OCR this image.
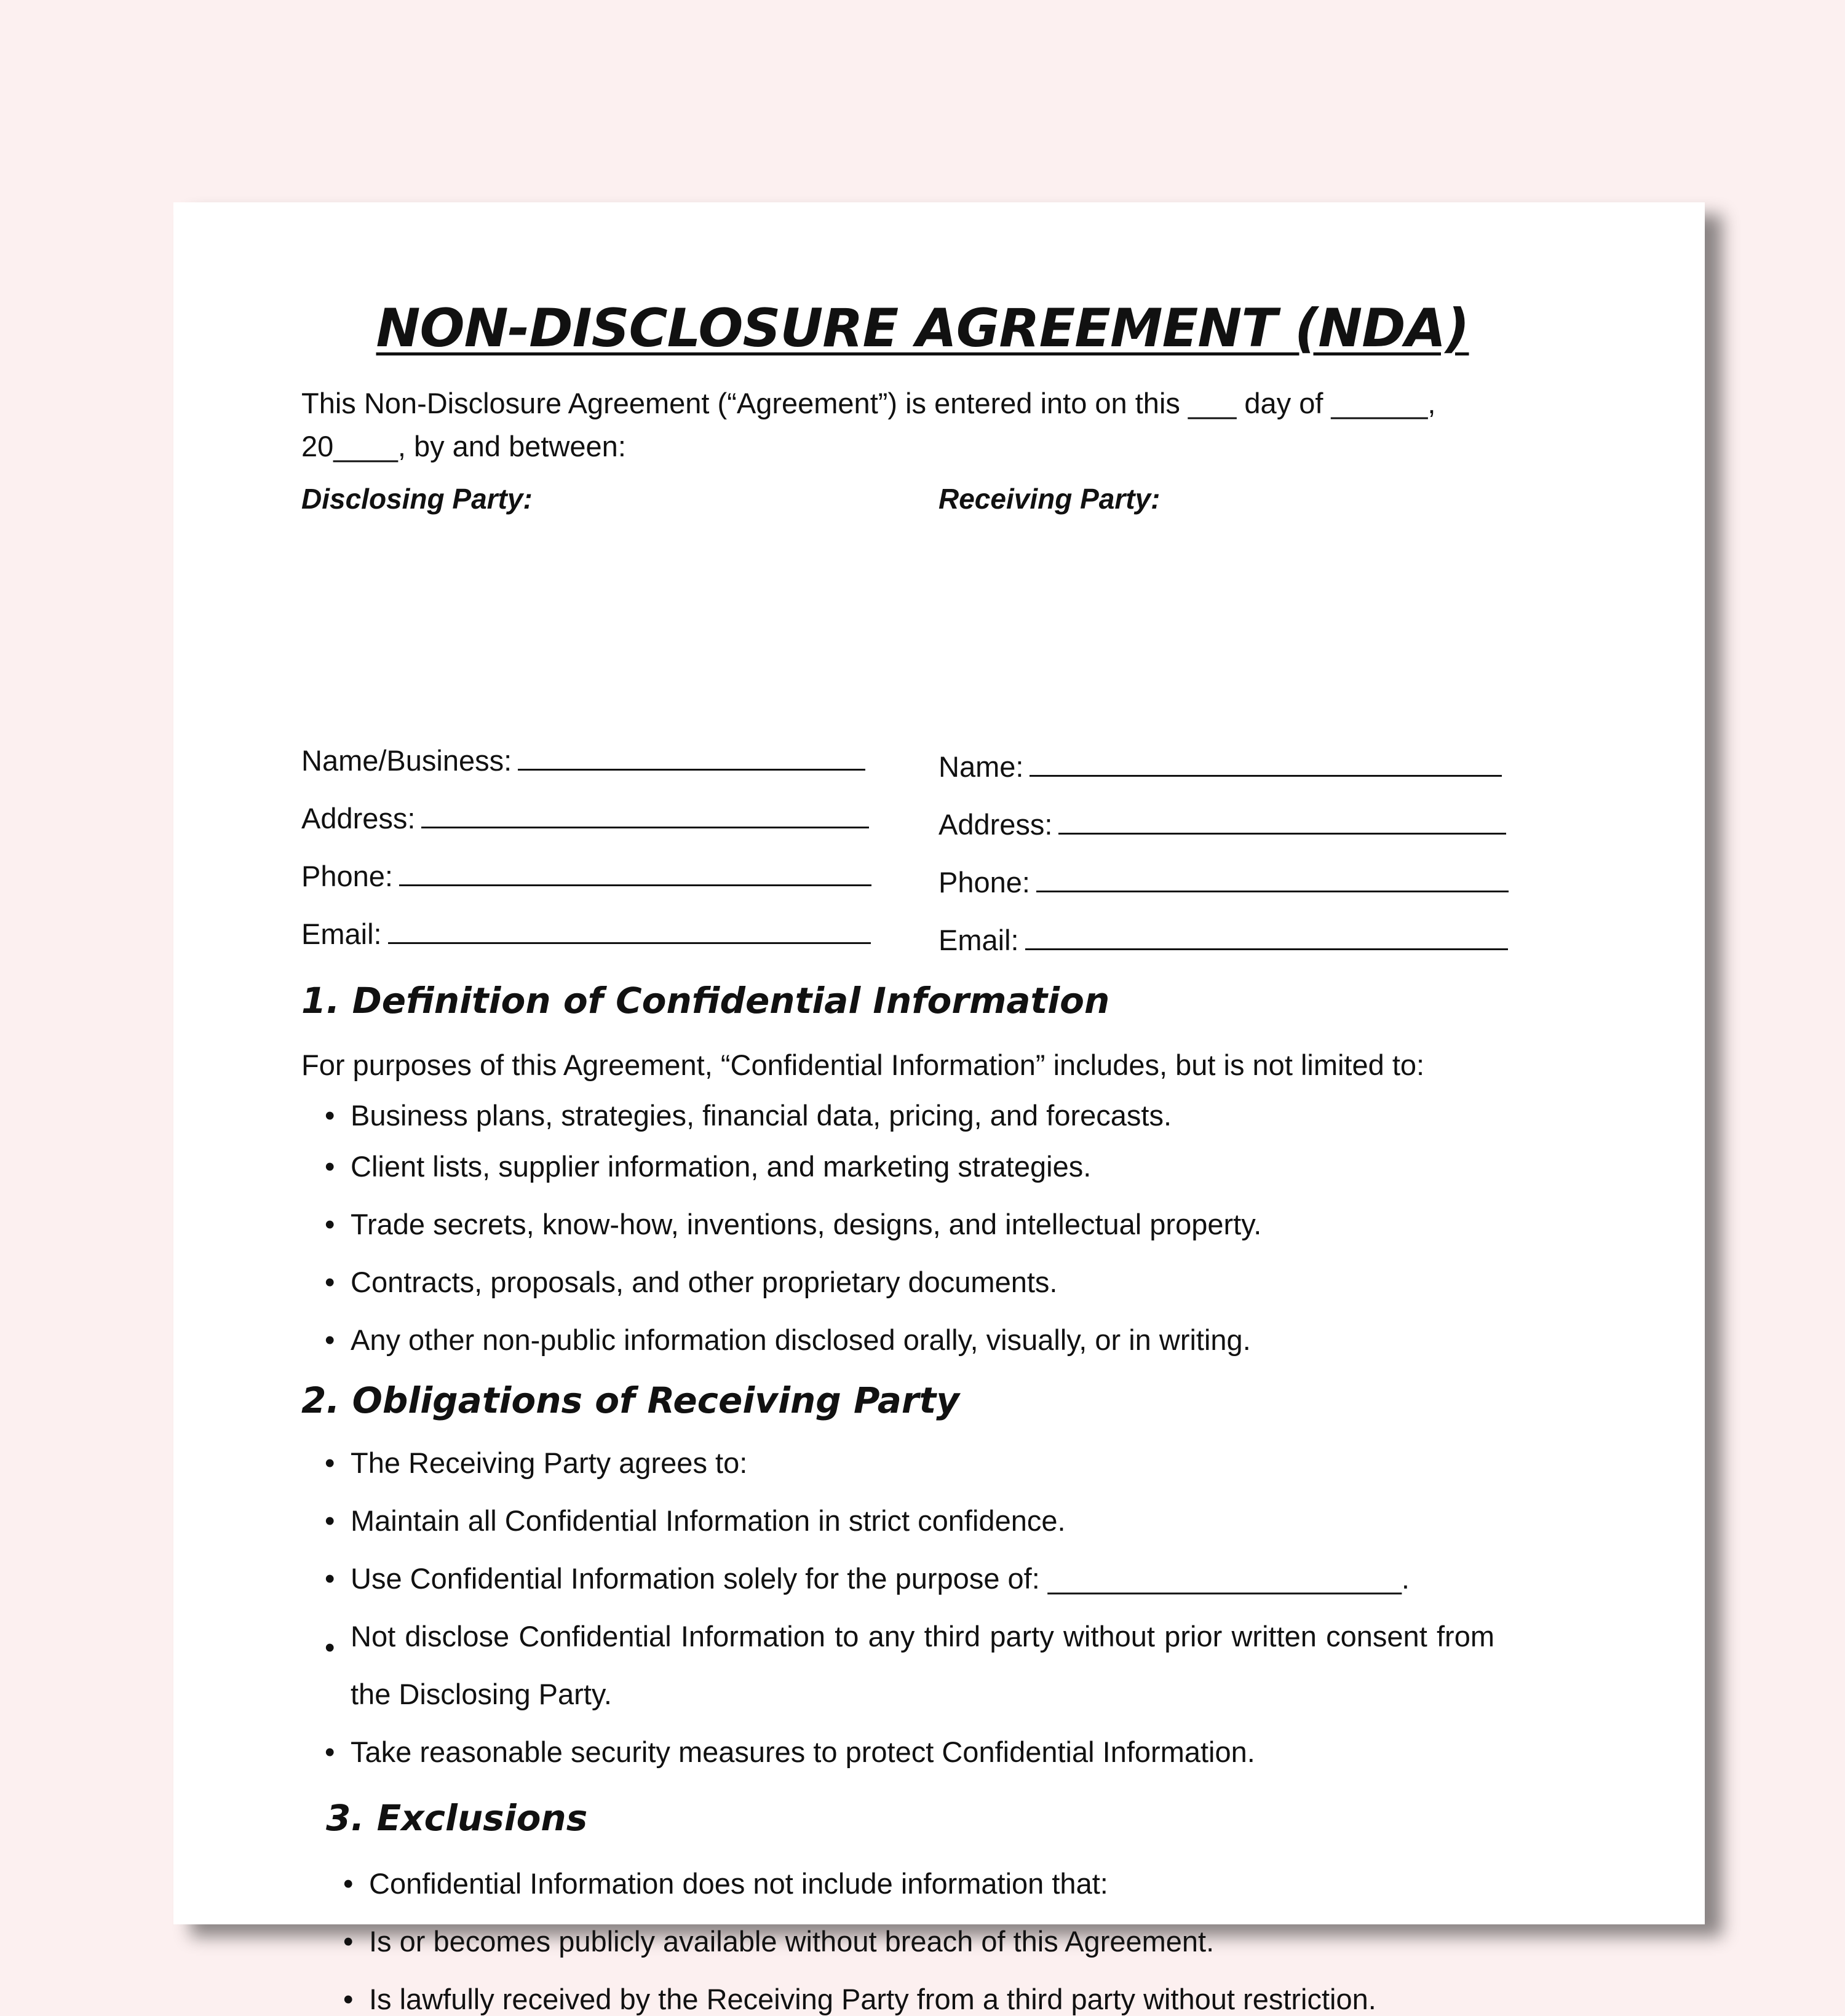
NON-DISCLOSURE AGREEMENT (NDA)

This Non-Disclosure Agreement (“Agreement”) is entered into on this ___ day of ______, 20____, by and between:

Disclosing Party:

Name/Business:

Address:

Phone:

Email:

Receiving Party:

Name:

Address:

Phone:

Email:

1. Definition of Confidential Information

For purposes of this Agreement, “Confidential Information” includes, but is not limited to:

• Business plans, strategies, financial data, pricing, and forecasts.

• Client lists, supplier information, and marketing strategies.

• Trade secrets, know-how, inventions, designs, and intellectual property.

• Contracts, proposals, and other proprietary documents.

• Any other non-public information disclosed orally, visually, or in writing.

2. Obligations of Receiving Party

• The Receiving Party agrees to:

• Maintain all Confidential Information in strict confidence.

• Use Confidential Information solely for the purpose of: ______________________.

• Not disclose Confidential Information to any third party without prior written consent from the Disclosing Party.

• Take reasonable security measures to protect Confidential Information.

3. Exclusions

• Confidential Information does not include information that:

• Is or becomes publicly available without breach of this Agreement.

• Is lawfully received by the Receiving Party from a third party without restriction.
